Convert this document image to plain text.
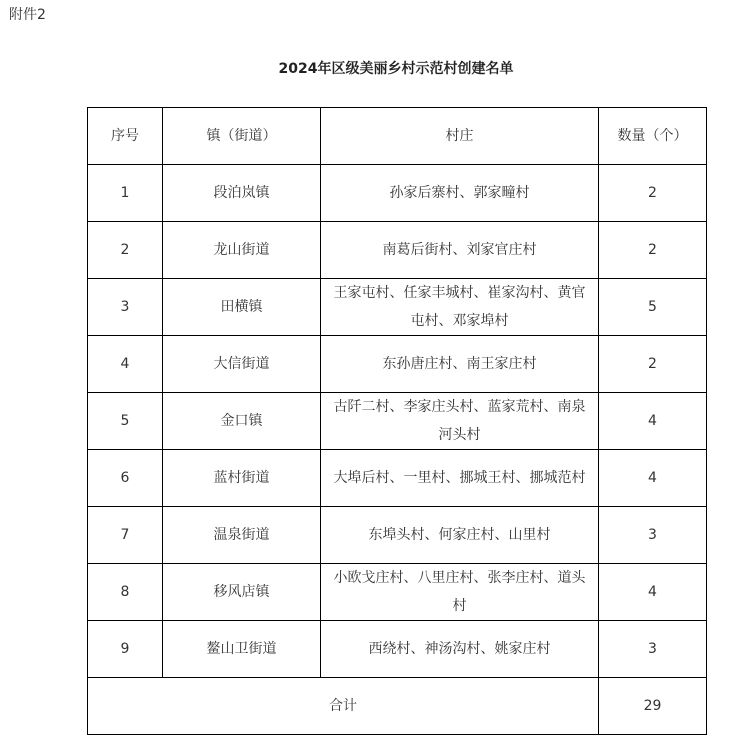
附件2
2024年区级美丽乡村示范村创建名单
序号	镇（街道）	村庄	数量（个）
1	段泊岚镇	孙家后寨村、郭家疃村	2
2	龙山街道	南葛后街村、刘家官庄村	2
3	田横镇	王家屯村、任家丰城村、崔家沟村、黄官屯村、邓家埠村	5
4	大信街道	东孙唐庄村、南王家庄村	2
5	金口镇	古阡二村、李家庄头村、蓝家荒村、南泉河头村	4
6	蓝村街道	大埠后村、一里村、挪城王村、挪城范村	4
7	温泉街道	东埠头村、何家庄村、山里村	3
8	移风店镇	小欧戈庄村、八里庄村、张李庄村、道头村	4
9	鳌山卫街道	西绕村、神汤沟村、姚家庄村	3
合计			29
